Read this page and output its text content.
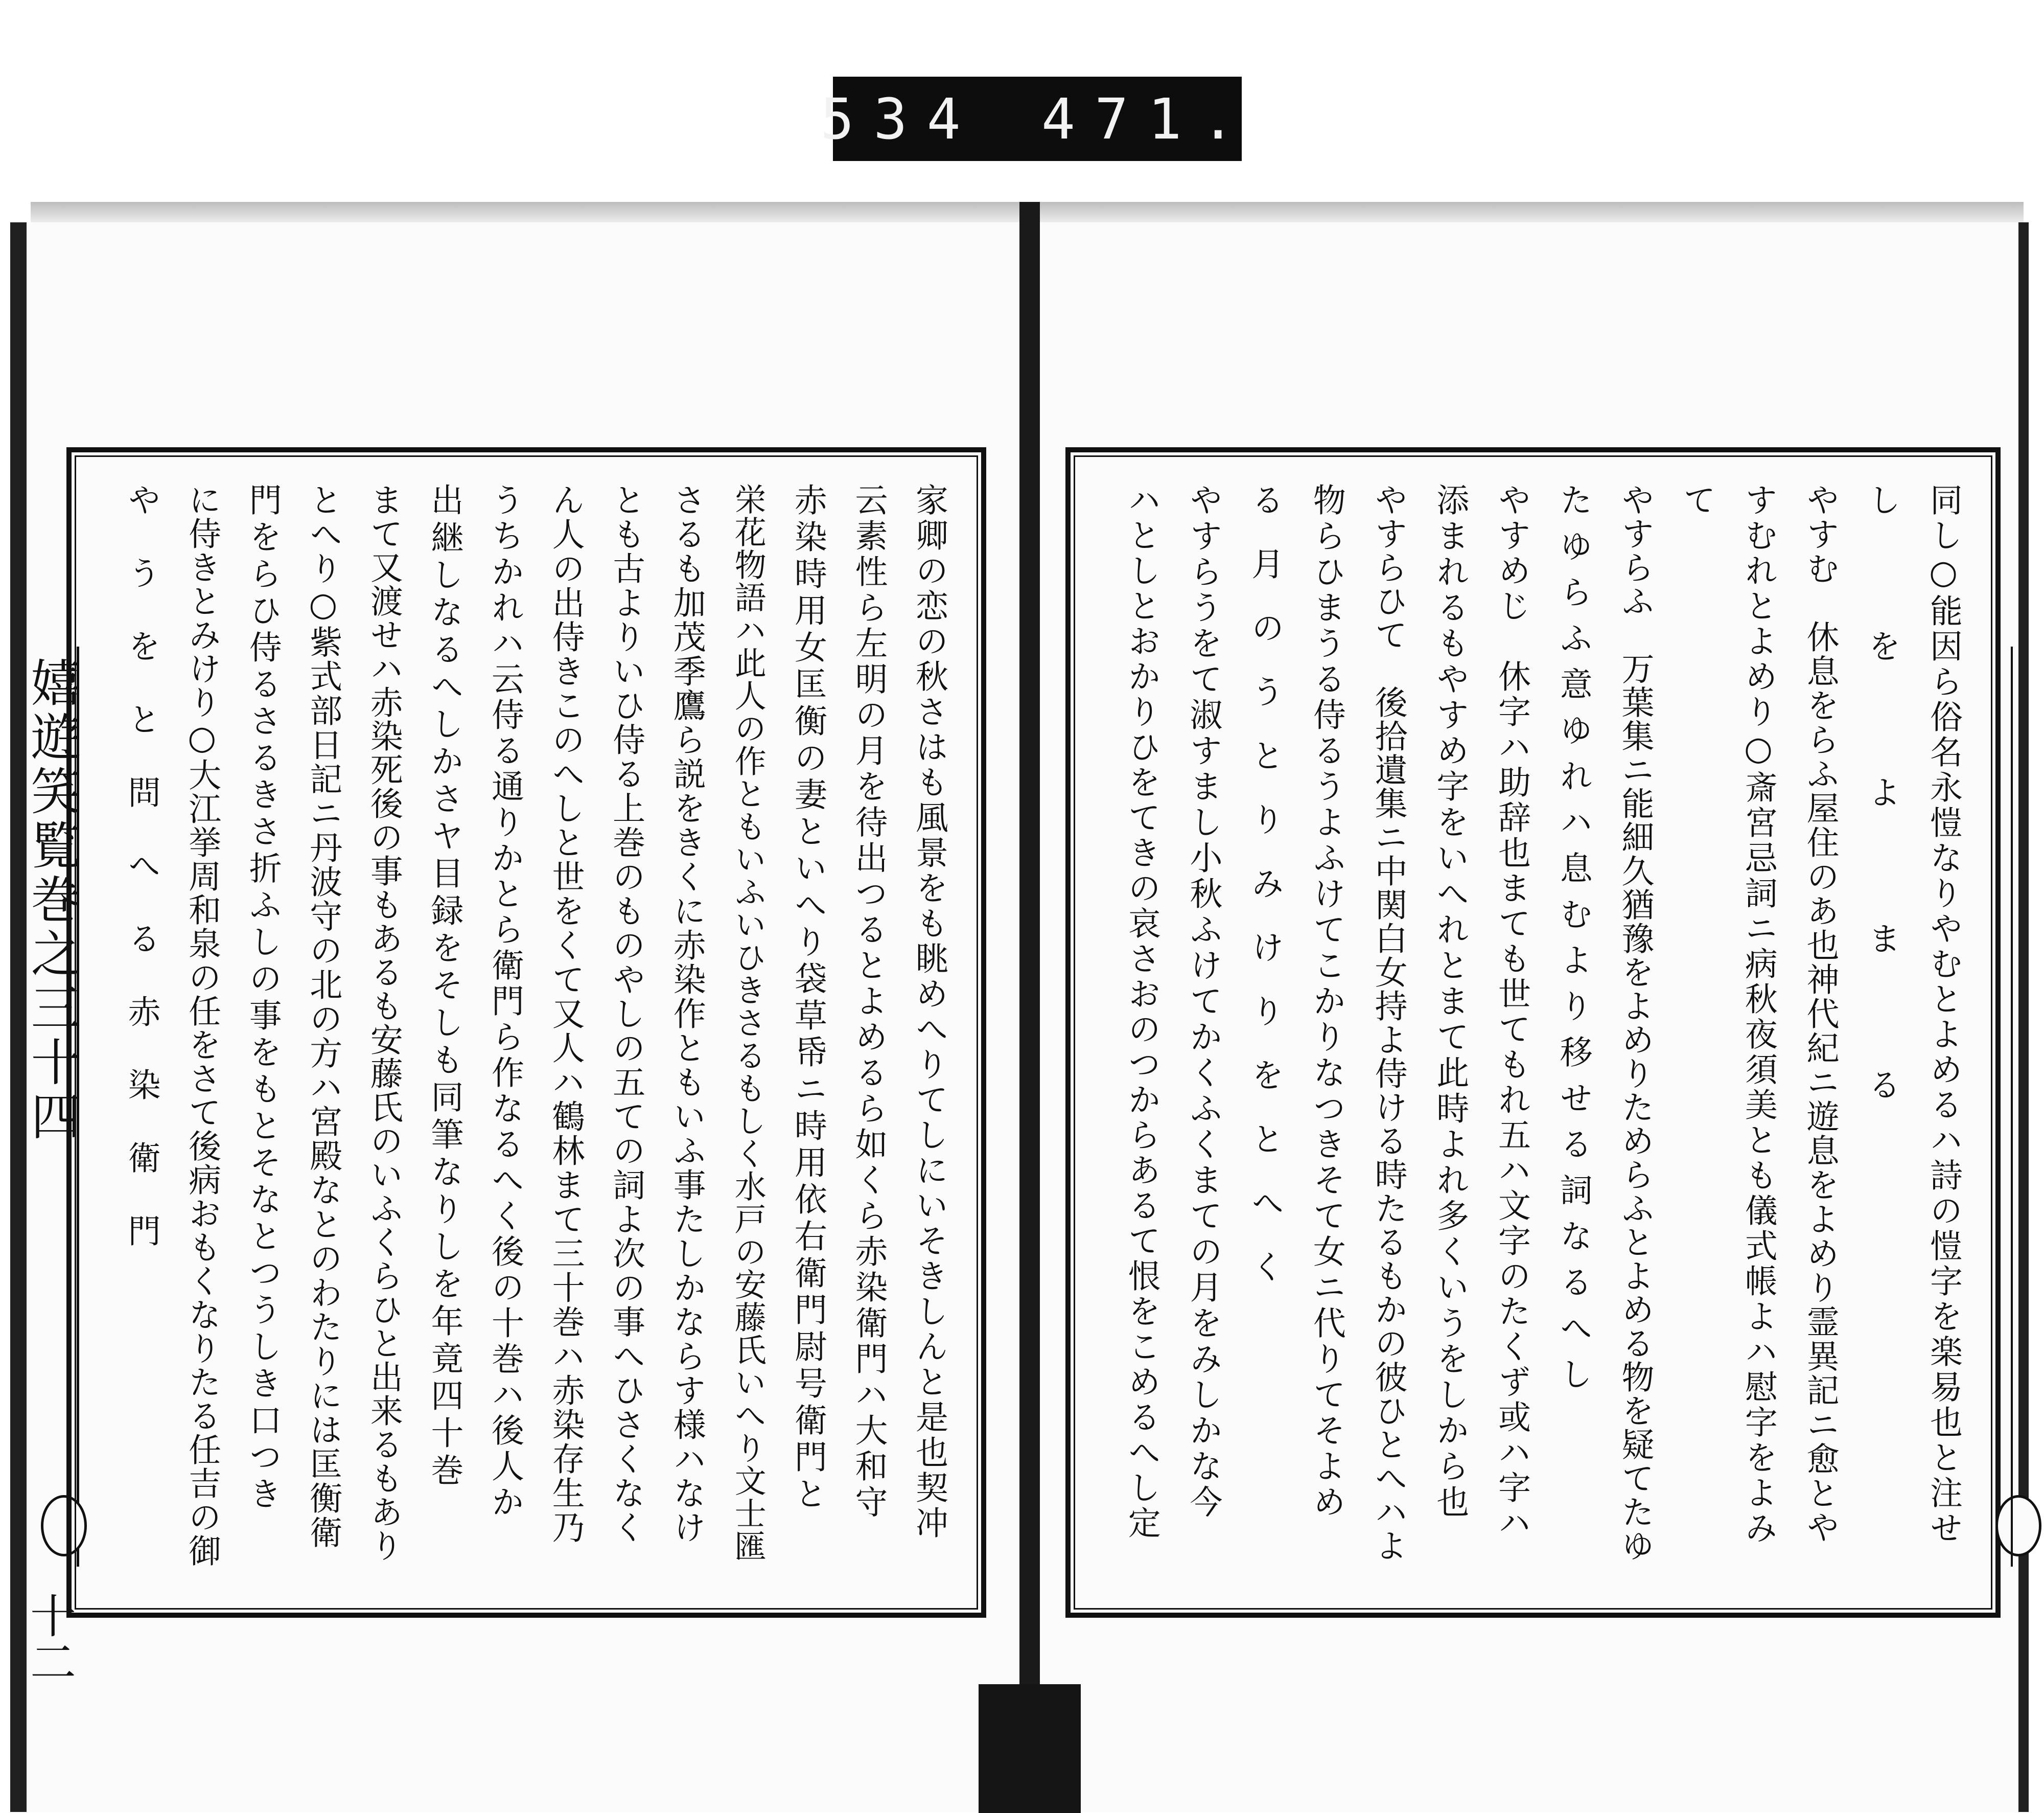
534 471.
嬉遊笑覧巻之三十四
十二
家卿の恋の秋さはも風景をも眺めへりてしにいそきしんと是也契冲
云素性ら左明の月を待出つるとよめるら如くら赤染衛門ハ大和守
赤染時用女匡衡の妻といへり袋草帋ニ時用依右衛門尉号衛門と
栄花物語ハ此人の作ともいふいひきさるもしく水戸の安藤氏いへり文士匯
さるも加茂季鷹ら説をきくに赤染作ともいふ事たしかならす様ハなけ
とも古よりいひ侍る上巻のものやしの五ての詞よ次の事へひさくなく
ん人の出侍きこのへしと世をくて又人ハ鶴林まて三十巻ハ赤染存生乃
うちかれハ云侍る通りかとら衛門ら作なるへく後の十巻ハ後人か
出継しなるへしかさヤ目録をそしも同筆なりしを年竟四十巻
まて又渡せハ赤染死後の事もあるも安藤氏のいふくらひと出来るもあり
とへり○紫式部日記ニ丹波守の北の方ハ宮殿なとのわたりには匡衡衛
門をらひ侍るさるきさ折ふしの事をもとそなとつうしき口つき
に侍きとみけり○大江挙周和泉の任をさて後病おもくなりたる任吉の御
やうをと問へる赤染衛門	同し○能因ら俗名永愷なりやむとよめるハ詩の愷字を楽易也と注せ
しをよまる
やすむ　休息をらふ屋住のあ也神代紀ニ遊息をよめり霊異記ニ愈とや
すむれとよめり○斎宮忌詞ニ病秋夜須美とも儀式帳よハ慰字をよみ
て
やすらふ　万葉集ニ能細久猶豫をよめりためらふとよめる物を疑てたゆ
たゆらふ意ゆれハ息むより移せる詞なるへし
やすめじ　休字ハ助辞也まても世てもれ五ハ文字のたくず或ハ字ハ
添まれるもやすめ字をいへれとまて此時よれ多くいうをしから也
やすらひて　後拾遺集ニ中関白女持よ侍ける時たるもかの彼ひとへハよ
物らひまうる侍るうよふけてこかりなつきそて女ニ代りてそよめ
る月のうとりみけりをとへく
やすらうをて淑すまし小秋ふけてかくふくまての月をみしかな今
ハとしとおかりひをてきの哀さおのつからあるて恨をこめるへし定
